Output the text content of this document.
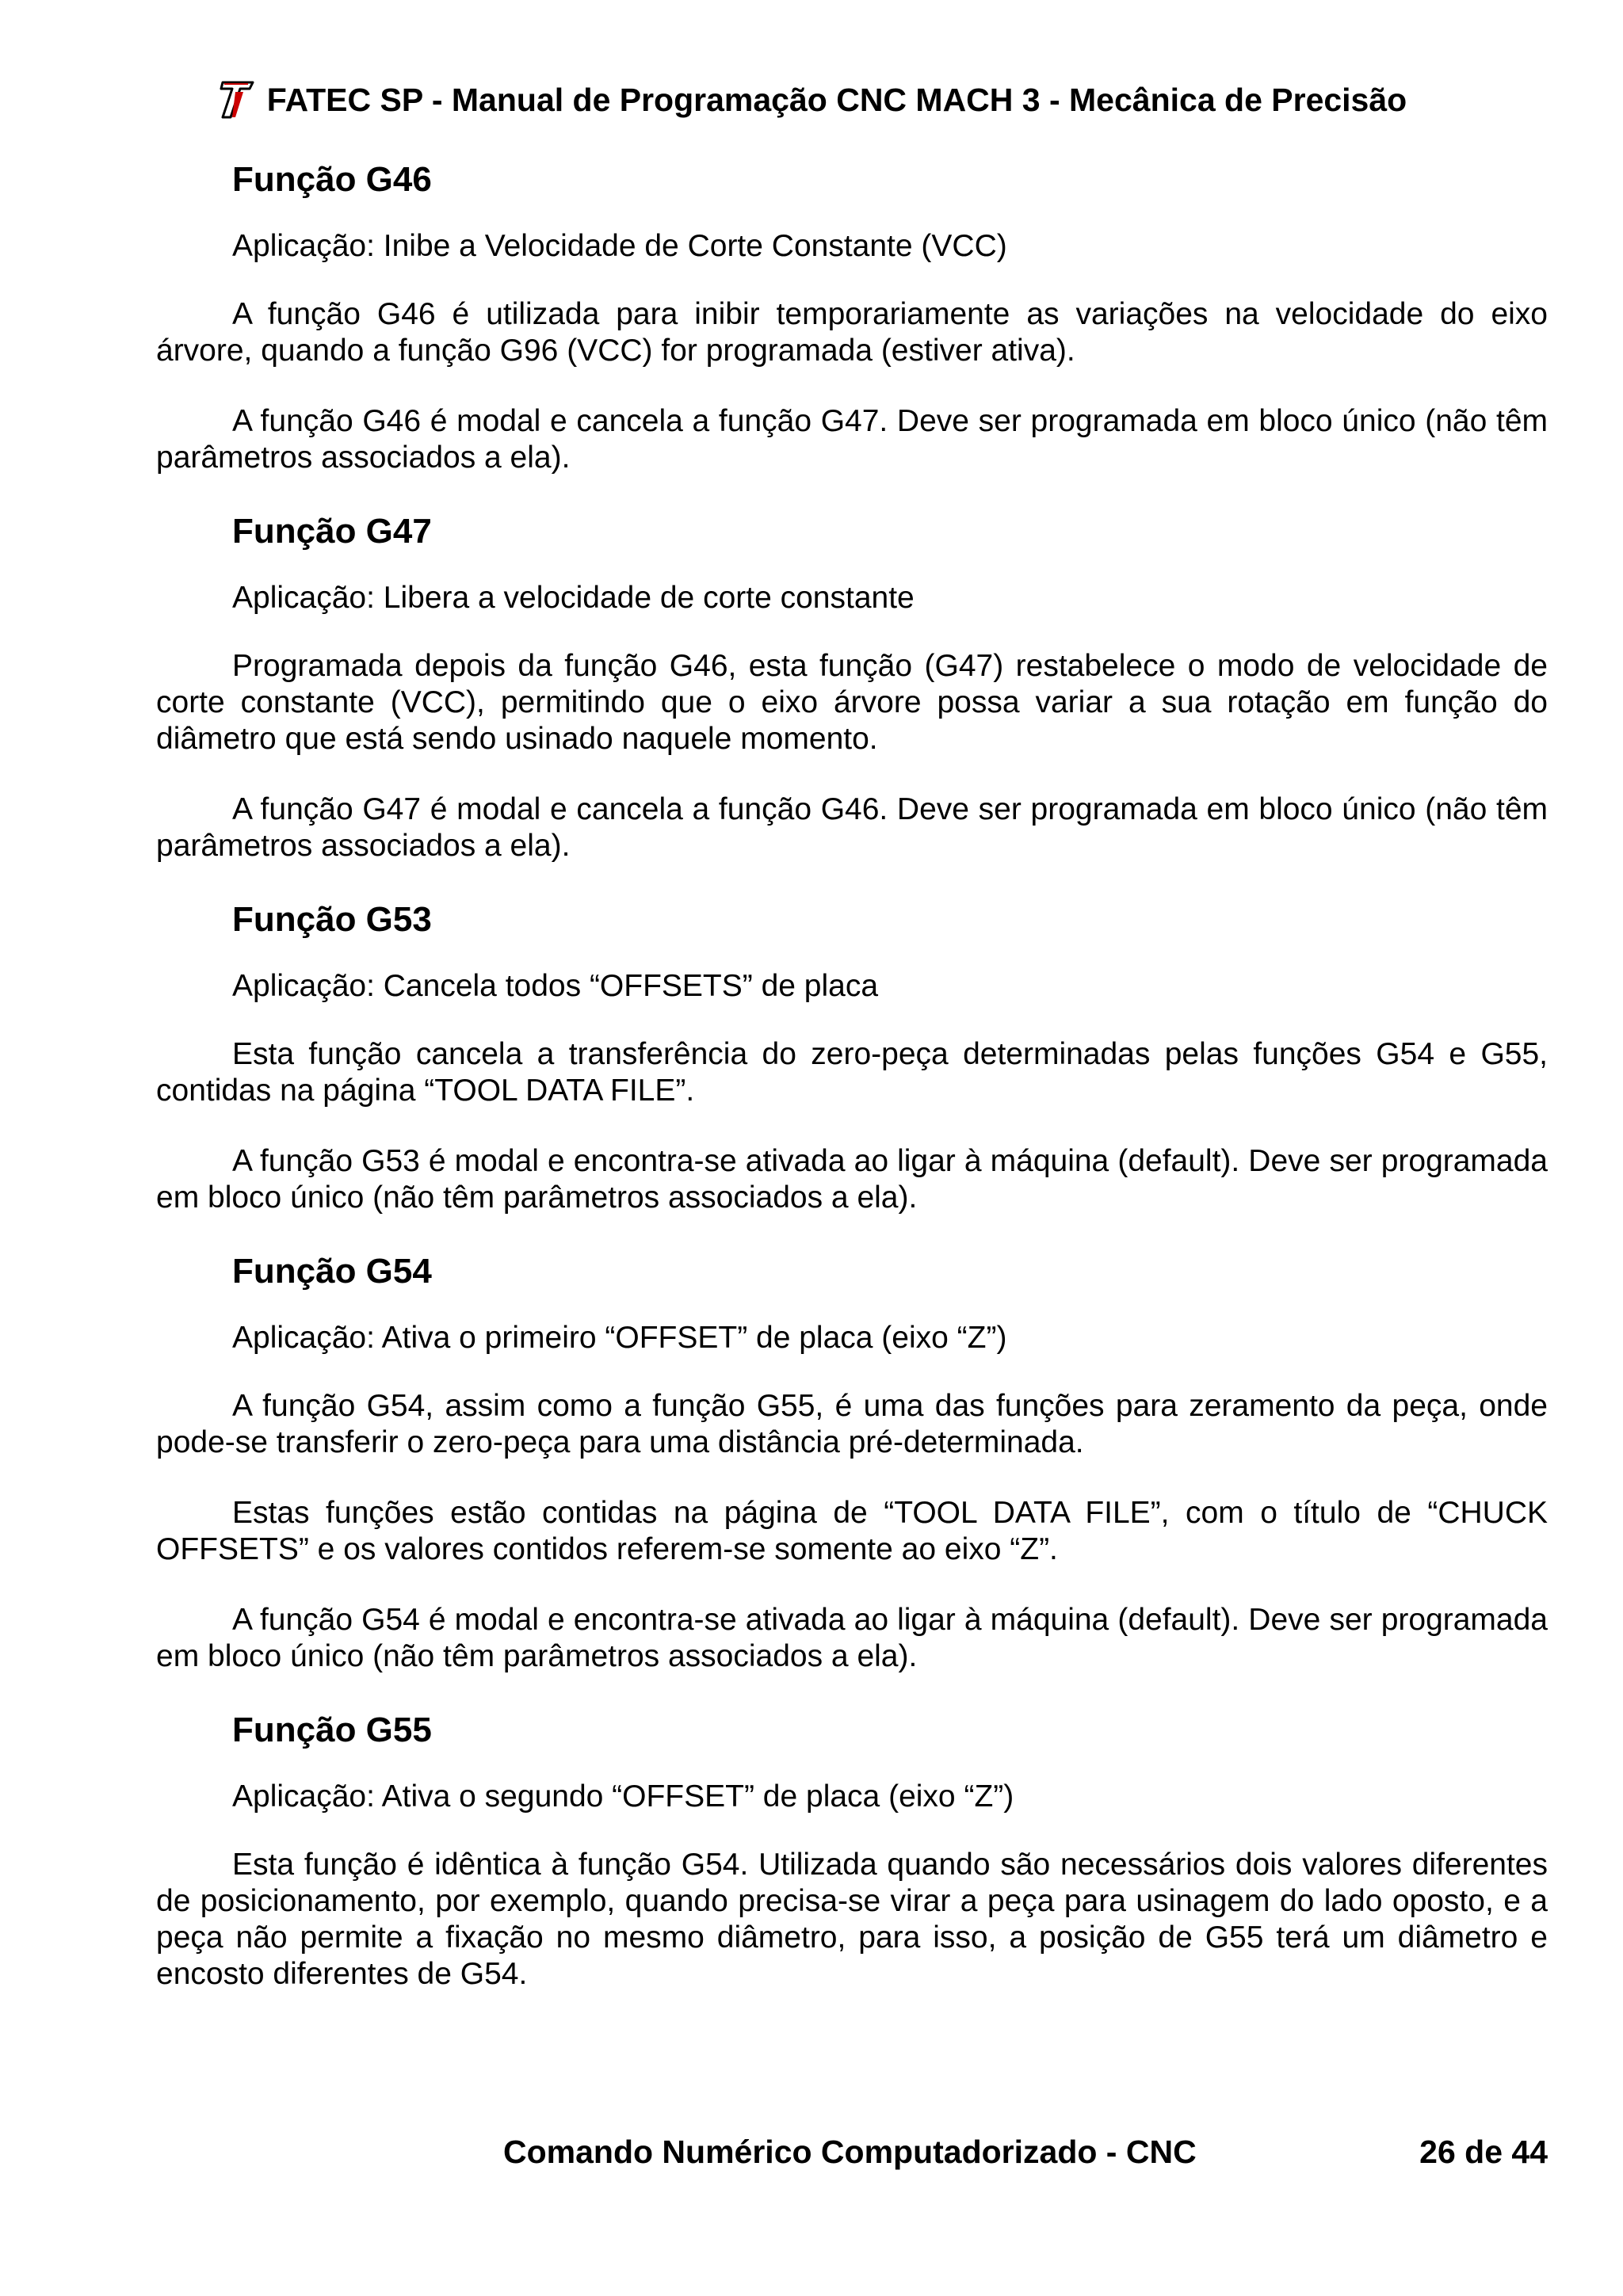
FATEC SP - Manual de Programação CNC MACH 3 - Mecânica de Precisão
Função G46

Aplicação: Inibe a Velocidade de Corte Constante (VCC)

A função G46 é utilizada para inibir temporariamente as variações na velocidade do eixo árvore, quando a função G96 (VCC) for programada (estiver ativa).

A função G46 é modal e cancela a função G47. Deve ser programada em bloco único (não têm parâmetros associados a ela).

Função G47

Aplicação: Libera a velocidade de corte constante

Programada depois da função G46, esta função (G47) restabelece o modo de velocidade de corte constante (VCC), permitindo que o eixo árvore possa variar a sua rotação em função do diâmetro que está sendo usinado naquele momento.

A função G47 é modal e cancela a função G46. Deve ser programada em bloco único (não têm parâmetros associados a ela).

Função G53

Aplicação: Cancela todos “OFFSETS” de placa

Esta função cancela a transferência do zero-peça determinadas pelas funções G54 e G55, contidas na página “TOOL DATA FILE”.

A função G53 é modal e encontra-se ativada ao ligar à máquina (default). Deve ser programada em bloco único (não têm parâmetros associados a ela).

Função G54

Aplicação: Ativa o primeiro “OFFSET” de placa (eixo “Z”)

A função G54, assim como a função G55, é uma das funções para zeramento da peça, onde pode-se transferir o zero-peça para uma distância pré-determinada.

Estas funções estão contidas na página de “TOOL DATA FILE”, com o título de “CHUCK OFFSETS” e os valores contidos referem-se somente ao eixo “Z”.

A função G54 é modal e encontra-se ativada ao ligar à máquina (default). Deve ser programada em bloco único (não têm parâmetros associados a ela).

Função G55

Aplicação: Ativa o segundo “OFFSET” de placa (eixo “Z”)

Esta função é idêntica à função G54. Utilizada quando são necessários dois valores diferentes de posicionamento, por exemplo, quando precisa-se virar a peça para usinagem do lado oposto, e a peça não permite a fixação no mesmo diâmetro, para isso, a posição de G55 terá um diâmetro e encosto diferentes de G54.

Comando Numérico Computadorizado - CNC	26 de 44
